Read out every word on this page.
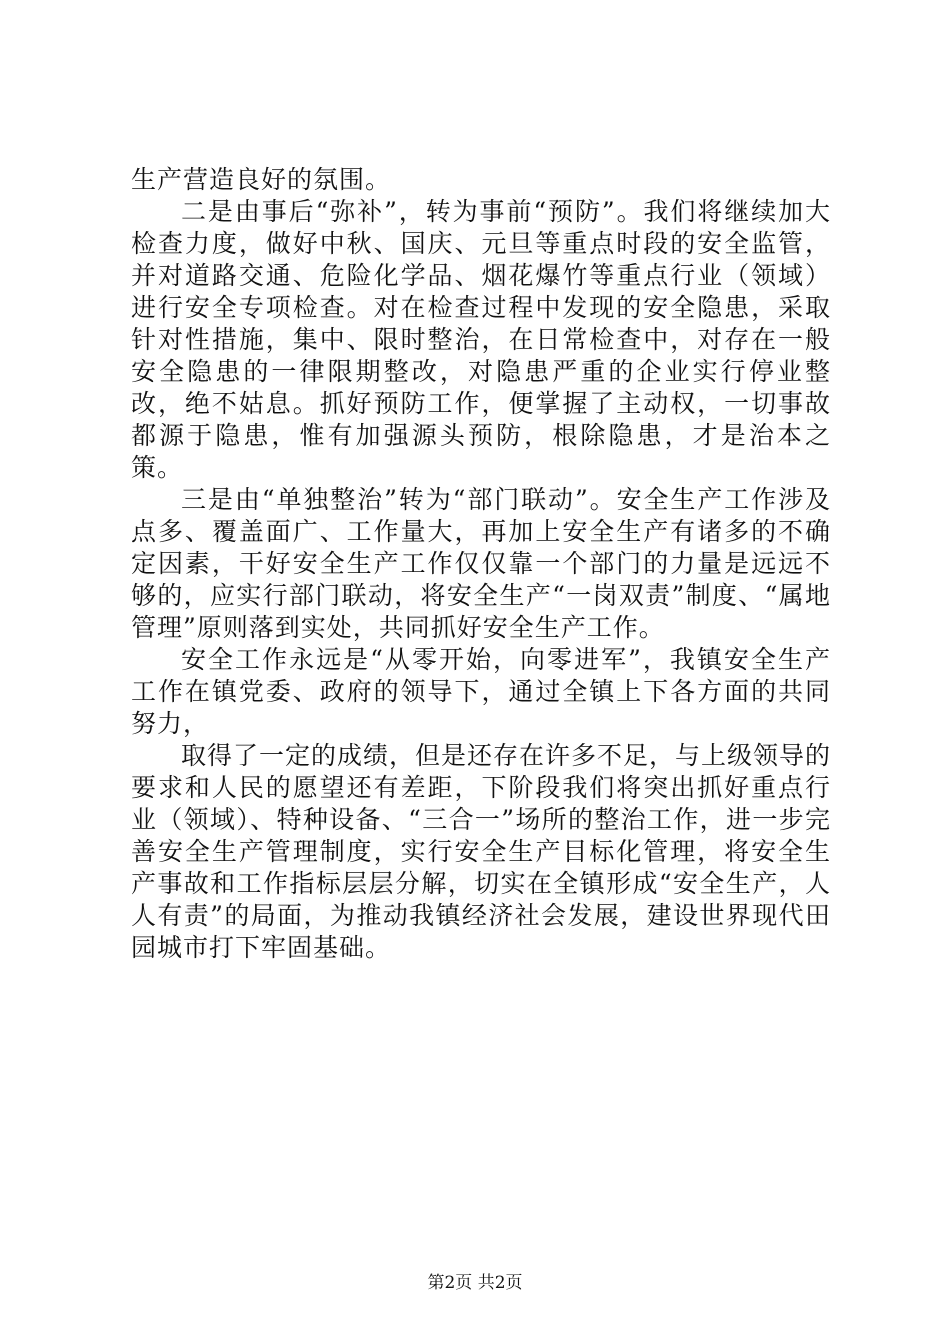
生产营造良好的氛围。

二是由事后“弥补”，转为事前“预防”。我们将继续加大检查力度，做好中秋、国庆、元旦等重点时段的安全监管，并对道路交通、危险化学品、烟花爆竹等重点行业（领域）进行安全专项检查。对在检查过程中发现的安全隐患，采取针对性措施，集中、限时整治，在日常检查中，对存在一般安全隐患的一律限期整改，对隐患严重的企业实行停业整改，绝不姑息。抓好预防工作，便掌握了主动权，一切事故都源于隐患，惟有加强源头预防，根除隐患，才是治本之策。

三是由“单独整治”转为“部门联动”。安全生产工作涉及点多、覆盖面广、工作量大，再加上安全生产有诸多的不确定因素，干好安全生产工作仅仅靠一个部门的力量是远远不够的，应实行部门联动，将安全生产“一岗双责”制度、“属地管理”原则落到实处，共同抓好安全生产工作。

安全工作永远是“从零开始，向零进军”，我镇安全生产工作在镇党委、政府的领导下，通过全镇上下各方面的共同努力，

取得了一定的成绩，但是还存在许多不足，与上级领导的要求和人民的愿望还有差距，下阶段我们将突出抓好重点行业（领域）、特种设备、“三合一”场所的整治工作，进一步完善安全生产管理制度，实行安全生产目标化管理，将安全生产事故和工作指标层层分解，切实在全镇形成“安全生产，人人有责”的局面，为推动我镇经济社会发展，建设世界现代田园城市打下牢固基础。

第2页 共2页
